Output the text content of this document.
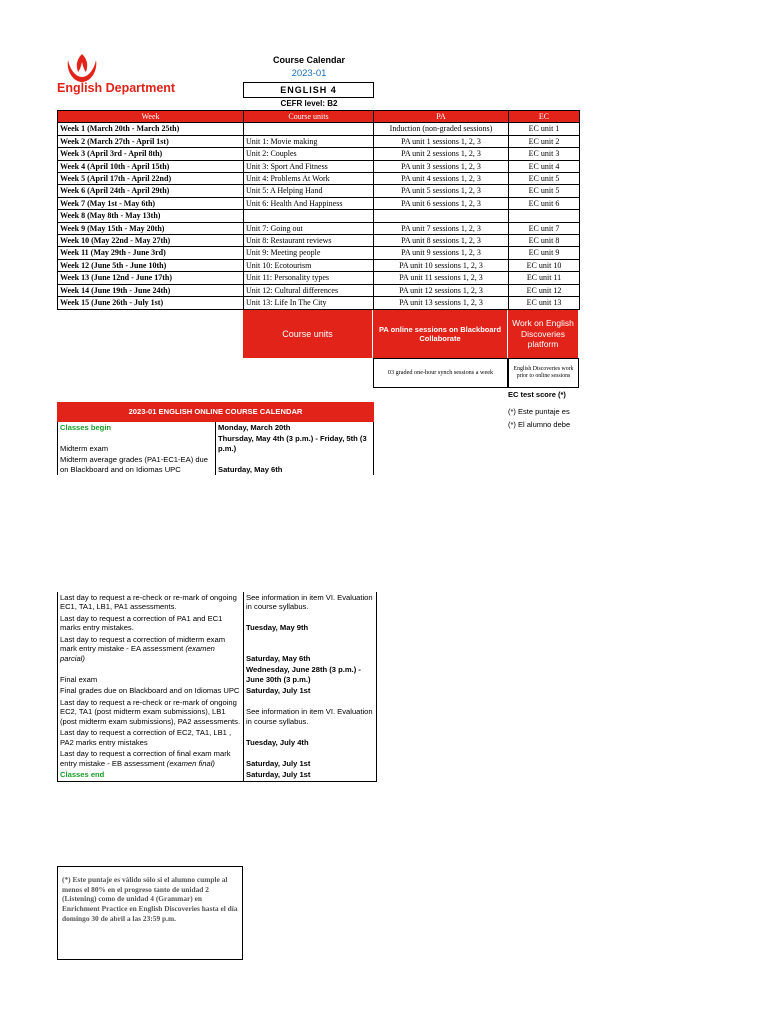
English Department
Course Calendar
2023-01
ENGLISH 4
CEFR level: B2
Week	Course units	PA	EC
Week 1 (March 20th - March 25th)		Induction (non-graded sessions)	EC unit 1
Week 2 (March 27th - April 1st)	Unit 1: Movie making	PA unit 1 sessions 1, 2, 3	EC unit 2
Week 3 (April 3rd - April 8th)	Unit 2: Couples	PA unit 2 sessions 1, 2, 3	EC unit 3
Week 4 (April 10th - April 15th)	Unit 3: Sport And Fitness	PA unit 3 sessions 1, 2, 3	EC unit 4
Week 5 (April 17th - April 22nd)	Unit 4: Problems At Work	PA unit 4 sessions 1, 2, 3	EC unit 5
Week 6 (April 24th - April 29th)	Unit 5: A Helping Hand	PA unit 5 sessions 1, 2, 3	EC unit 5
Week 7 (May 1st - May 6th)	Unit 6: Health And Happiness	PA unit 6 sessions 1, 2, 3	EC unit 6
Week 8 (May 8th - May 13th)			
Week 9 (May 15th - May 20th)	Unit 7: Going out	PA unit 7 sessions 1, 2, 3	EC unit 7
Week 10 (May 22nd - May 27th)	Unit 8: Restaurant reviews	PA unit 8 sessions 1, 2, 3	EC unit 8
Week 11 (May 29th - June 3rd)	Unit 9: Meeting people	PA unit 9 sessions 1, 2, 3	EC unit 9
Week 12 (June 5th - June 10th)	Unit 10: Ecotourism	PA unit 10 sessions 1, 2, 3	EC unit 10
Week 13 (June 12nd - June 17th)	Unit 11: Personality types	PA unit 11 sessions 1, 2, 3	EC unit 11
Week 14 (June 19th - June 24th)	Unit 12: Cultural differences	PA unit 12 sessions 1, 2, 3	EC unit 12
Week 15 (June 26th - July 1st)	Unit 13: Life In The City	PA unit 13 sessions 1, 2, 3	EC unit 13
Course units	PA online sessions on Blackboard Collaborate
Work on English Discoveries platform
03 graded one-hour synch sessions a week	English Discoveries work prior to online sessions
EC test score (*)
(*) Este puntaje es
(*) El alumno debe
2023-01 ENGLISH ONLINE COURSE CALENDAR	
Classes begin	Monday, March 20th
Midterm exam	Thursday, May 4th (3 p.m.) - Friday, 5th (3 p.m.)
Midterm average grades (PA1-EC1-EA) due on Blackboard and on Idiomas UPC	Saturday, May 6th
Last day to request a re-check or re-mark of ongoing EC1, TA1, LB1, PA1 assessments.	See information in item VI. Evaluation in course syllabus.
Last day to request a correction of PA1 and EC1 marks entry mistakes.	Tuesday, May 9th
Last day to request a correction of midterm exam mark entry mistake - EA assessment (examen parcial)	Saturday, May 6th
Final exam	Wednesday, June 28th (3 p.m.) - June 30th (3 p.m.)
Final grades due on Blackboard and on Idiomas UPC	Saturday, July 1st
Last day to request a re-check or re-mark of ongoing EC2, TA1 (post midterm exam submissions), LB1 (post midterm exam submissions), PA2 assessments.	See information in item VI. Evaluation in course syllabus.
Last day to request a correction of EC2, TA1, LB1 , PA2 marks entry mistakes	Tuesday, July 4th
Last day to request a correction of final exam mark entry mistake - EB assessment (examen final)	Saturday, July 1st
Classes end	Saturday, July 1st
(*) Este puntaje es válido sólo si el alumno cumple al menos el 80% en el progreso tanto de unidad 2 (Listening) como de unidad 4 (Grammar) en Enrichment Practice en English Discoveries hasta el día domingo 30 de abril a las 23:59 p.m.
